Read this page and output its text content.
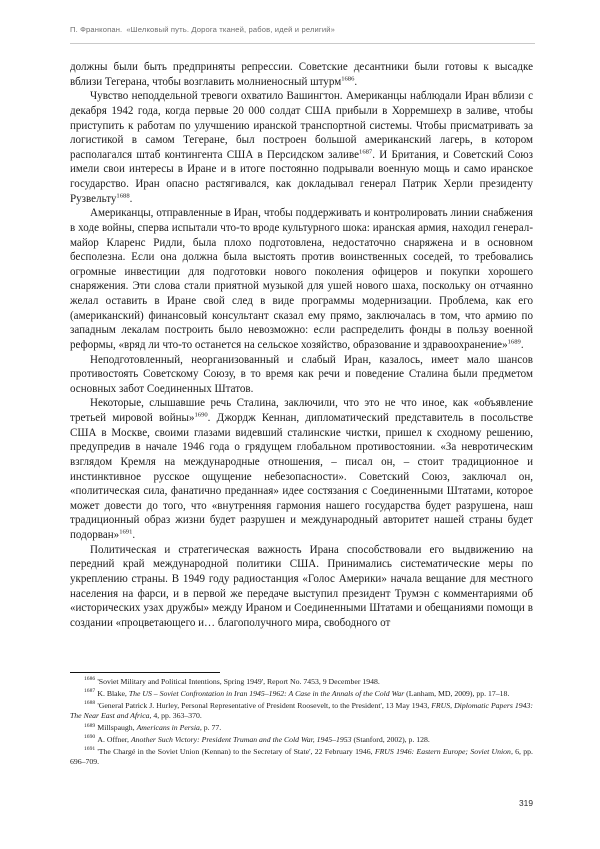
П. Франкопан. «Шелковый путь. Дорога тканей, рабов, идей и религий»

должны были быть предприняты репрессии. Советские десантники были готовы к высадке вблизи Тегерана, чтобы возглавить молниеносный штурм$^{1686}$.

Чувство неподдельной тревоги охватило Вашингтон. Американцы наблюдали Иран вблизи с декабря 1942 года, когда первые 20 000 солдат США прибыли в Хорремшехр в заливе, чтобы приступить к работам по улучшению иранской транспортной системы. Чтобы присматривать за логистикой в самом Тегеране, был построен большой американский лагерь, в котором располагался штаб контингента США в Персидском заливе$^{1687}$. И Британия, и Советский Союз имели свои интересы в Иране и в итоге постоянно подрывали военную мощь и само иранское государство. Иран опасно растягивался, как докладывал генерал Патрик Херли президенту Рузвельту$^{1688}$.

Американцы, отправленные в Иран, чтобы поддерживать и контролировать линии снабжения в ходе войны, сперва испытали что-то вроде культурного шока: иранская армия, находил генерал-майор Кларенс Ридли, была плохо подготовлена, недостаточно снаряжена и в основном бесполезна. Если она должна была выстоять против воинственных соседей, то требовались огромные инвестиции для подготовки нового поколения офицеров и покупки хорошего снаряжения. Эти слова стали приятной музыкой для ушей нового шаха, поскольку он отчаянно желал оставить в Иране свой след в виде программы модернизации. Проблема, как его (американский) финансовый консультант сказал ему прямо, заключалась в том, что армию по западным лекалам построить было невозможно: если распределить фонды в пользу военной реформы, «вряд ли что-то останется на сельское хозяйство, образование и здравоохранение»$^{1689}$.

Неподготовленный, неорганизованный и слабый Иран, казалось, имеет мало шансов противостоять Советскому Союзу, в то время как речи и поведение Сталина были предметом основных забот Соединенных Штатов.

Некоторые, слышавшие речь Сталина, заключили, что это не что иное, как «объявление третьей мировой войны»$^{1690}$. Джордж Кеннан, дипломатический представитель в посольстве США в Москве, своими глазами видевший сталинские чистки, пришел к сходному решению, предупредив в начале 1946 года о грядущем глобальном противостоянии. «За невротическим взглядом Кремля на международные отношения, – писал он, – стоит традиционное и инстинктивное русское ощущение небезопасности». Советский Союз, заключал он, «политическая сила, фанатично преданная» идее состязания с Соединенными Штатами, которое может довести до того, что «внутренняя гармония нашего государства будет разрушена, наш традиционный образ жизни будет разрушен и международный авторитет нашей страны будет подорван»$^{1691}$.

Политическая и стратегическая важность Ирана способствовали его выдвижению на передний край международной политики США. Принимались систематические меры по укреплению страны. В 1949 году радиостанция «Голос Америки» начала вещание для местного населения на фарси, и в первой же передаче выступил президент Трумэн с комментариями об «исторических узах дружбы» между Ираном и Соединенными Штатами и обещаниями помощи в создании «процветающего и… благополучного мира, свободного от

$^{1686}$ 'Soviet Military and Political Intentions, Spring 1949', Report No. 7453, 9 December 1948.

$^{1687}$ K. Blake, The US – Soviet Confrontation in Iran 1945–1962: A Case in the Annals of the Cold War (Lanham, MD, 2009), pp. 17–18.

$^{1688}$ 'General Patrick J. Hurley, Personal Representative of President Roosevelt, to the President', 13 May 1943, FRUS, Diplomatic Papers 1943: The Near East and Africa, 4, pp. 363–370.

$^{1689}$ Millspaugh, Americans in Persia, p. 77.

$^{1690}$ A. Offner, Another Such Victory: President Truman and the Cold War, 1945–1953 (Stanford, 2002), p. 128.

$^{1691}$ 'The Chargé in the Soviet Union (Kennan) to the Secretary of State', 22 February 1946, FRUS 1946: Eastern Europe; Soviet Union, 6, pp. 696–709.

319
